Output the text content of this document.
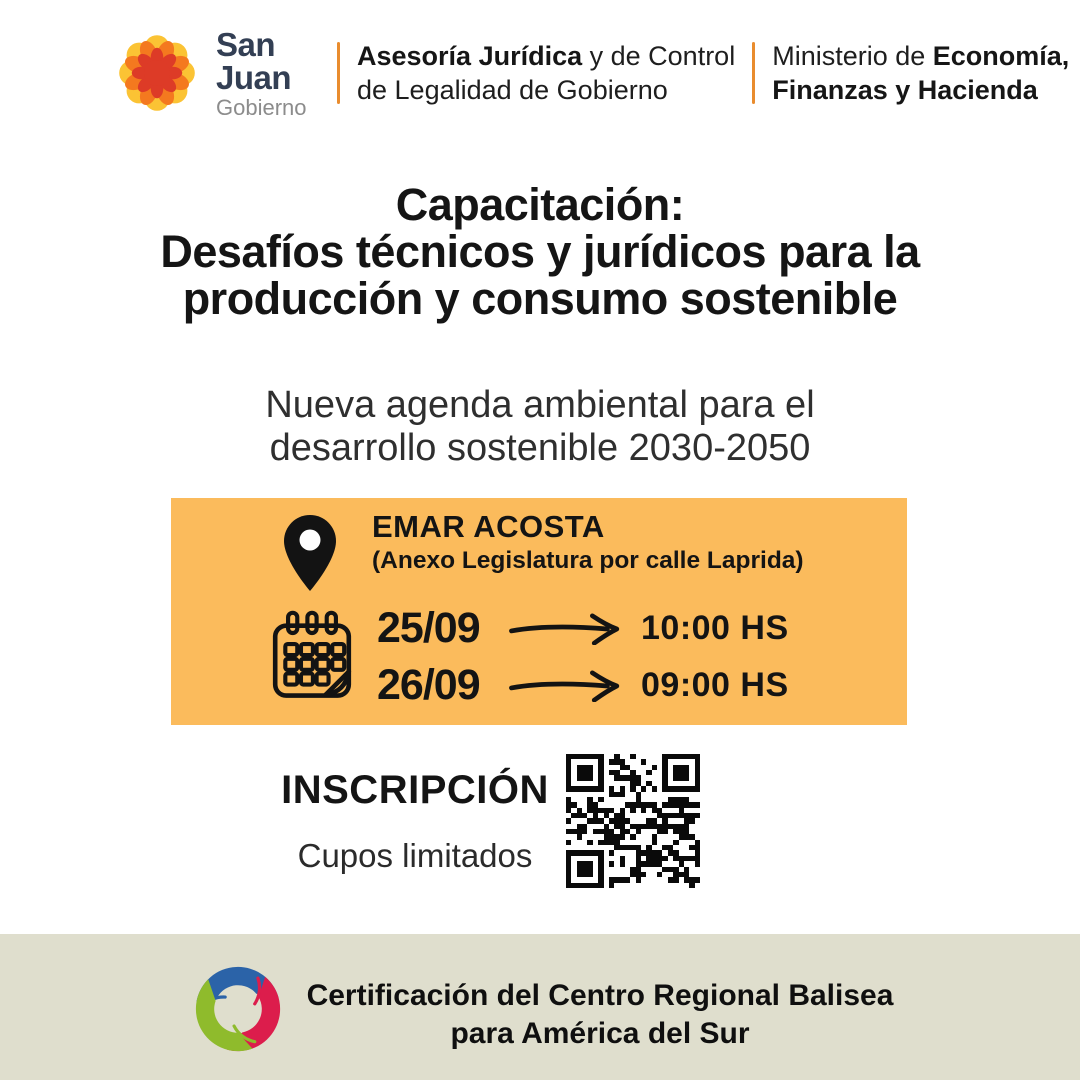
San Juan
Gobierno
Asesoría Jurídica y de Control
de Legalidad de Gobierno
Ministerio de Economía,
Finanzas y Hacienda
Capacitación:
Desafíos técnicos y jurídicos para la
producción y consumo sostenible
Nueva agenda ambiental para el
desarrollo sostenible 2030-2050
EMAR ACOSTA
(Anexo Legislatura por calle Laprida)
25/09	10:00 HS
26/09	09:00 HS
INSCRIPCIÓN
Cupos limitados
Certificación del Centro Regional Balisea
para América del Sur
